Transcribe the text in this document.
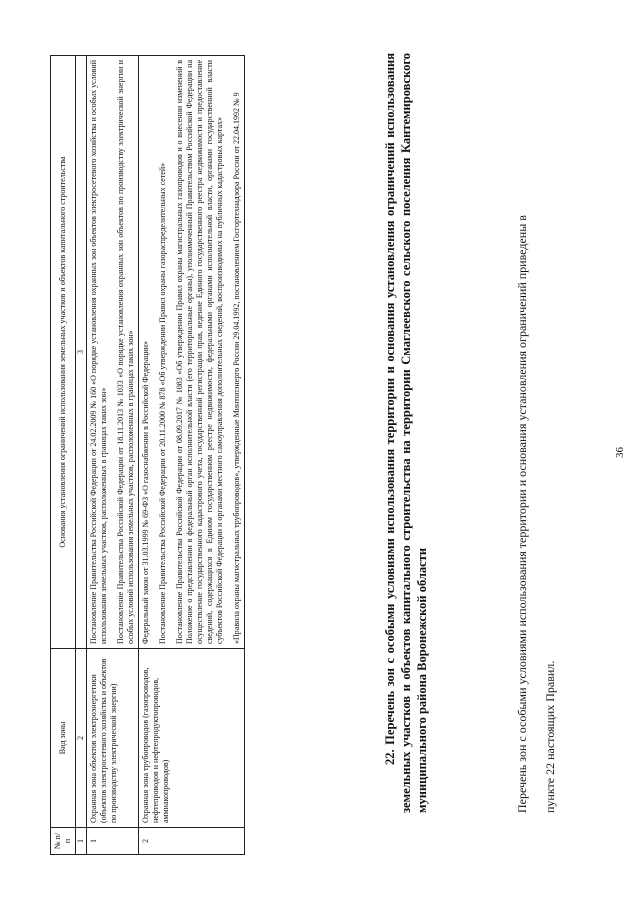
Перечень зон с особыми условиями использования территории и основания установления ограничений приведены в	пункте 22 настоящих Правил.

22. Перечень зон с особыми условиями использования территории и основания установления ограничений использования земельных участков и объектов капитального строительства на территории Смаглеевского сельского поселения Кантемировского муниципального района Воронежской области
№ п/п	Вид зоны	Основания установления ограничений использования земельных участков и объектов капитального строительства
1	2	3
1	Охранная зона объектов электроэнергетики (объектов электросетевого хозяйства и объектов по производству электрической энергии)	Постановление Правительства Российской Федерации от 24.02.2009 № 160 «О порядке установления охранных зон объектов электросетевого хозяйства и особых условий использования земельных участков, расположенных в границах таких зон» Постановление Правительства Российской Федерации от 18.11.2013 № 1033 «О порядке установления охранных зон объектов по производству электрической энергии и особых условий использования земельных участков, расположенных в границах таких зон»

2	Охранная зона трубопроводов (газопроводов, нефтепроводов и нефтепродуктопроводов, аммиакопроводов)	Федеральный закон от 31.03.1999 № 69-ФЗ «О газоснабжении в Российской Федерации» Постановление Правительства Российской Федерации от 20.11.2000 № 878 «Об утверждении Правил охраны газораспределительных сетей» Постановление Правительства Российской Федерации от 08.09.2017 № 1083 «Об утверждении Правил охраны магистральных газопроводов и о внесении изменений в Положение о представлении в федеральный орган исполнительной власти (его территориальные органы), уполномоченный Правительством Российской Федерации на осуществление государственного кадастрового учета, государственной регистрации прав, ведение Единого государственного реестра недвижимости и предоставление сведений, содержащихся в Едином государственном реестре недвижимости, федеральными органами исполнительной власти, органами государственной власти субъектов Российской Федерации и органами местного самоуправления дополнительных сведений, воспроизводимых на публичных кадастровых картах» «Правила охраны магистральных трубопроводов», утвержденные Минтопэнерго России 29.04.1992, постановлением Госгортехнадзора России от 22.04.1992 № 9	36
